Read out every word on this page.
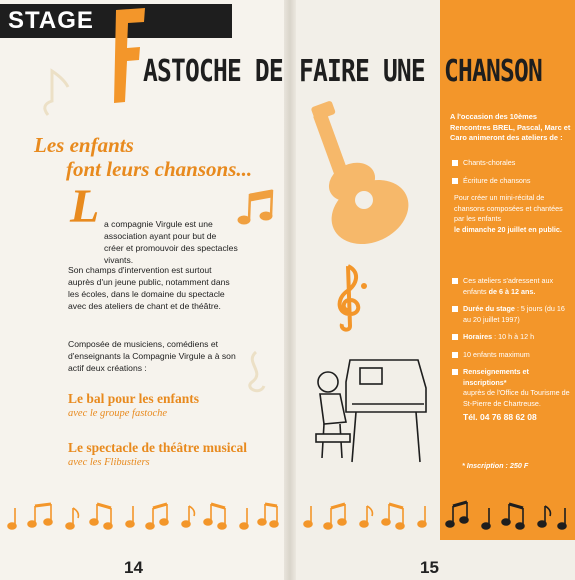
STAGE
ASTOCHE DE FAIRE UNE CHANSON
Les enfants
font leurs chansons...
L a compagnie Virgule est une association ayant pour but de créer et promouvoir des spectacles vivants.

Son champs d'intervention est surtout auprès d'un jeune public, notamment dans les écoles, dans le domaine du spectacle avec des ateliers de chant et de théâtre.

Composée de musiciens, comédiens et d'enseignants la Compagnie Virgule a à son actif deux créations :

Le bal pour les enfants
avec le groupe fastoche
Le spectacle de théâtre musical
avec les Flibustiers
14	15
A l'occasion des 10èmes Rencontres BREL, Pascal, Marc et Caro animeront des ateliers de :
Chants-chorales
Écriture de chansons
Pour créer un mini-récital de chansons composées et chantées par les enfants
le dimanche 20 juillet en public.
Ces ateliers s'adressent aux enfants de 6 à 12 ans.
Durée du stage : 5 jours (du 16 au 20 juillet 1997)
Horaires : 10 h à 12 h
10 enfants maximum
Renseignements et inscriptions*
auprès de l'Office du Tourisme de St-Pierre de Chartreuse.
Tél. 04 76 88 62 08
* Inscription : 250 F
